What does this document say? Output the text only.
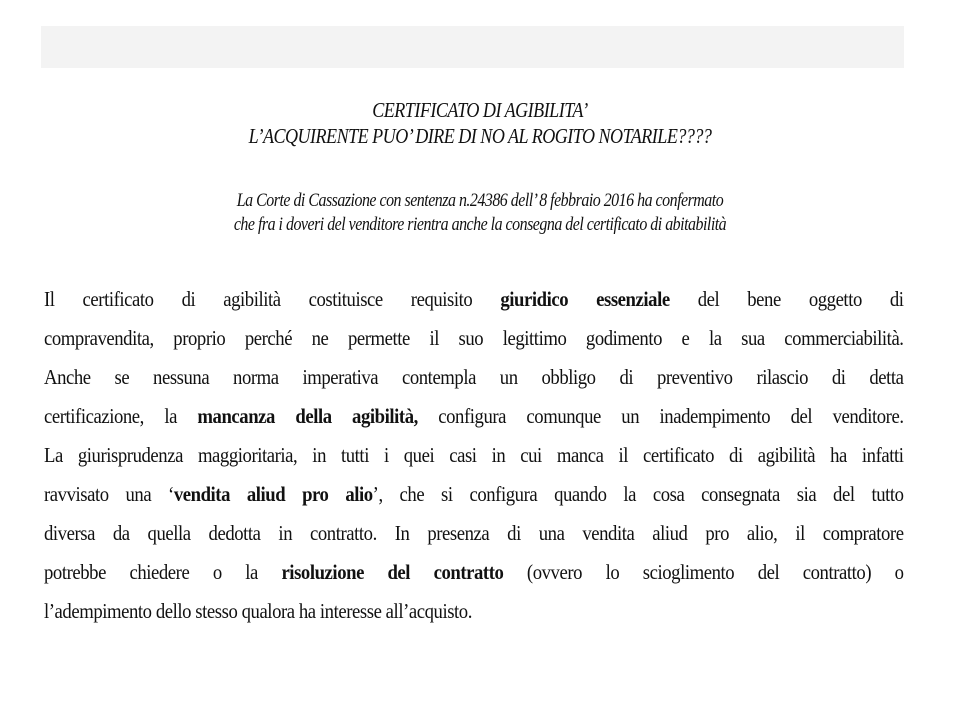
CERTIFICATO DI AGIBILITA’
L’ACQUIRENTE PUO’ DIRE DI NO AL ROGITO NOTARILE????
La Corte di Cassazione con sentenza n.24386 dell’ 8 febbraio 2016 ha confermato
che fra i doveri del venditore rientra anche la consegna del certificato di abitabilità
Il certificato di agibilità costituisce requisito giuridico essenziale del bene oggetto di
compravendita, proprio perché ne permette il suo legittimo godimento e la sua commerciabilità.
Anche se nessuna norma imperativa contempla un obbligo di preventivo rilascio di detta
certificazione, la mancanza della agibilità, configura comunque un inadempimento del venditore.
La giurisprudenza maggioritaria, in tutti i quei casi in cui manca il certificato di agibilità ha infatti
ravvisato una ‘vendita aliud pro alio’, che si configura quando la cosa consegnata sia del tutto
diversa da quella dedotta in contratto. In presenza di una vendita aliud pro alio, il compratore
potrebbe chiedere o la risoluzione del contratto (ovvero lo scioglimento del contratto) o
l’adempimento dello stesso qualora ha interesse all’acquisto.
